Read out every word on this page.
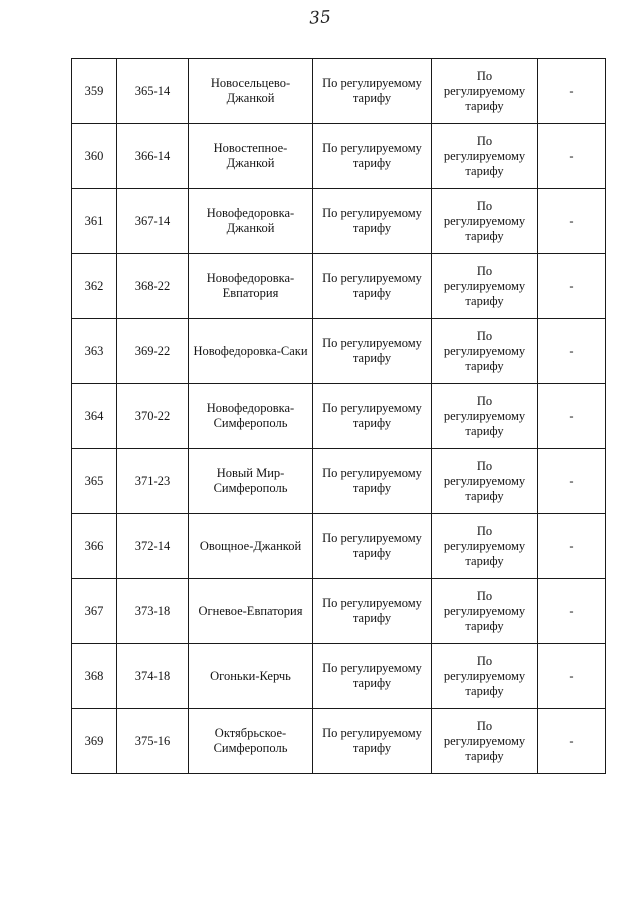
35
359	365-14	Новосельцево-
Джанкой	По регулируемому
тарифу	По
регулируемому
тарифу	-
360	366-14	Новостепное-
Джанкой	По регулируемому
тарифу	По
регулируемому
тарифу	-
361	367-14	Новофедоровка-
Джанкой	По регулируемому
тарифу	По
регулируемому
тарифу	-
362	368-22	Новофедоровка-
Евпатория	По регулируемому
тарифу	По
регулируемому
тарифу	-
363	369-22	Новофедоровка-Саки	По регулируемому
тарифу	По
регулируемому
тарифу	-
364	370-22	Новофедоровка-
Симферополь	По регулируемому
тарифу	По
регулируемому
тарифу	-
365	371-23	Новый Мир-
Симферополь	По регулируемому
тарифу	По
регулируемому
тарифу	-
366	372-14	Овощное-Джанкой	По регулируемому
тарифу	По
регулируемому
тарифу	-
367	373-18	Огневое-Евпатория	По регулируемому
тарифу	По
регулируемому
тарифу	-
368	374-18	Огоньки-Керчь	По регулируемому
тарифу	По
регулируемому
тарифу	-
369	375-16	Октябрьское-
Симферополь	По регулируемому
тарифу	По
регулируемому
тарифу	-
